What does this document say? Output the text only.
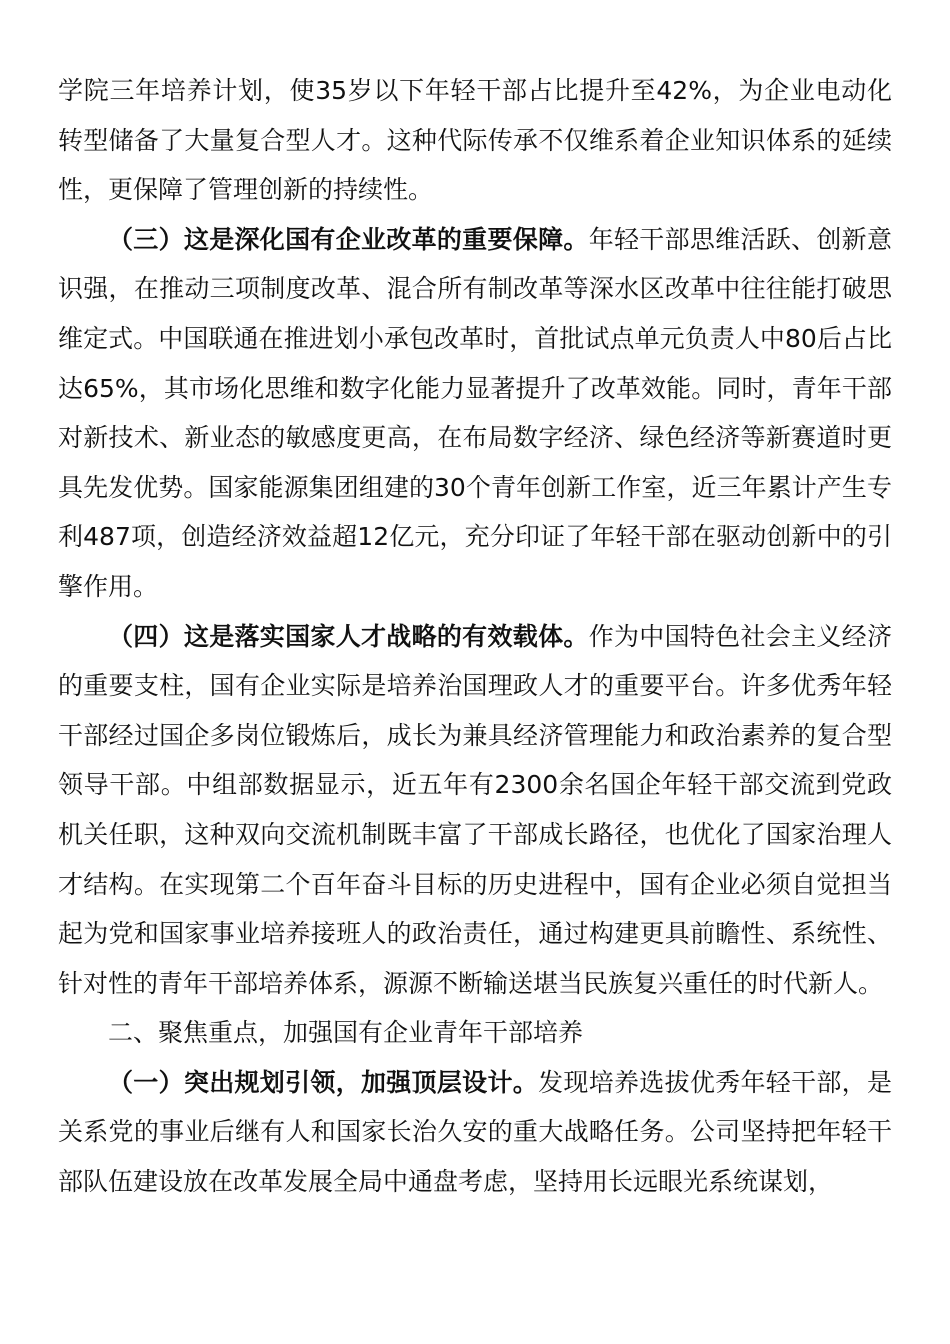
学院三年培养计划，使35岁以下年轻干部占比提升至42%，为企业电动化转型储备了大量复合型人才。这种代际传承不仅维系着企业知识体系的延续性，更保障了管理创新的持续性。

（三）这是深化国有企业改革的重要保障。年轻干部思维活跃、创新意识强，在推动三项制度改革、混合所有制改革等深水区改革中往往能打破思维定式。中国联通在推进划小承包改革时，首批试点单元负责人中80后占比达65%，其市场化思维和数字化能力显著提升了改革效能。同时，青年干部对新技术、新业态的敏感度更高，在布局数字经济、绿色经济等新赛道时更具先发优势。国家能源集团组建的30个青年创新工作室，近三年累计产生专利487项，创造经济效益超12亿元，充分印证了年轻干部在驱动创新中的引擎作用。

（四）这是落实国家人才战略的有效载体。作为中国特色社会主义经济的重要支柱，国有企业实际是培养治国理政人才的重要平台。许多优秀年轻干部经过国企多岗位锻炼后，成长为兼具经济管理能力和政治素养的复合型领导干部。中组部数据显示，近五年有2300余名国企年轻干部交流到党政机关任职，这种双向交流机制既丰富了干部成长路径，也优化了国家治理人才结构。在实现第二个百年奋斗目标的历史进程中，国有企业必须自觉担当起为党和国家事业培养接班人的政治责任，通过构建更具前瞻性、系统性、针对性的青年干部培养体系，源源不断输送堪当民族复兴重任的时代新人。

二、聚焦重点，加强国有企业青年干部培养

（一）突出规划引领，加强顶层设计。发现培养选拔优秀年轻干部，是关系党的事业后继有人和国家长治久安的重大战略任务。公司坚持把年轻干部队伍建设放在改革发展全局中通盘考虑，坚持用长远眼光系统谋划，
